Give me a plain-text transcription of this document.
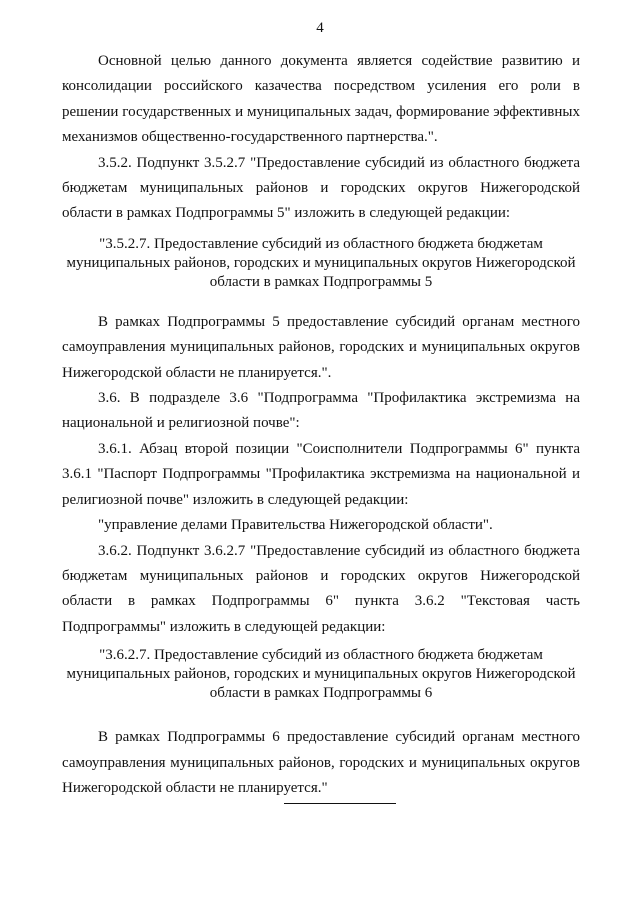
4

Основной целью данного документа является содействие развитию и консолидации российского казачества посредством усиления его роли в решении государственных и муниципальных задач, формирование эффективных механизмов общественно-государственного партнерства.".

3.5.2. Подпункт 3.5.2.7 "Предоставление субсидий из областного бюджета бюджетам муниципальных районов и городских округов Нижегородской области в рамках Подпрограммы 5" изложить в следующей редакции:

"3.5.2.7. Предоставление субсидий из областного бюджета бюджетам муниципальных районов, городских и муниципальных округов Нижегородской области в рамках Подпрограммы 5

В рамках Подпрограммы 5 предоставление субсидий органам местного самоуправления муниципальных районов, городских и муниципальных округов Нижегородской области не планируется.".

3.6. В подразделе 3.6 "Подпрограмма "Профилактика экстремизма на национальной и религиозной почве":

3.6.1. Абзац второй позиции "Соисполнители Подпрограммы 6" пункта 3.6.1 "Паспорт Подпрограммы "Профилактика экстремизма на национальной и религиозной почве" изложить в следующей редакции:

"управление делами Правительства Нижегородской области".

3.6.2. Подпункт 3.6.2.7 "Предоставление субсидий из областного бюджета бюджетам муниципальных районов и городских округов Нижегородской области в рамках Подпрограммы 6" пункта 3.6.2 "Текстовая часть Подпрограммы" изложить в следующей редакции:

"3.6.2.7. Предоставление субсидий из областного бюджета бюджетам муниципальных районов, городских и муниципальных округов Нижегородской области в рамках Подпрограммы 6

В рамках Подпрограммы 6 предоставление субсидий органам местного самоуправления муниципальных районов, городских и муниципальных округов Нижегородской области не планируется."
